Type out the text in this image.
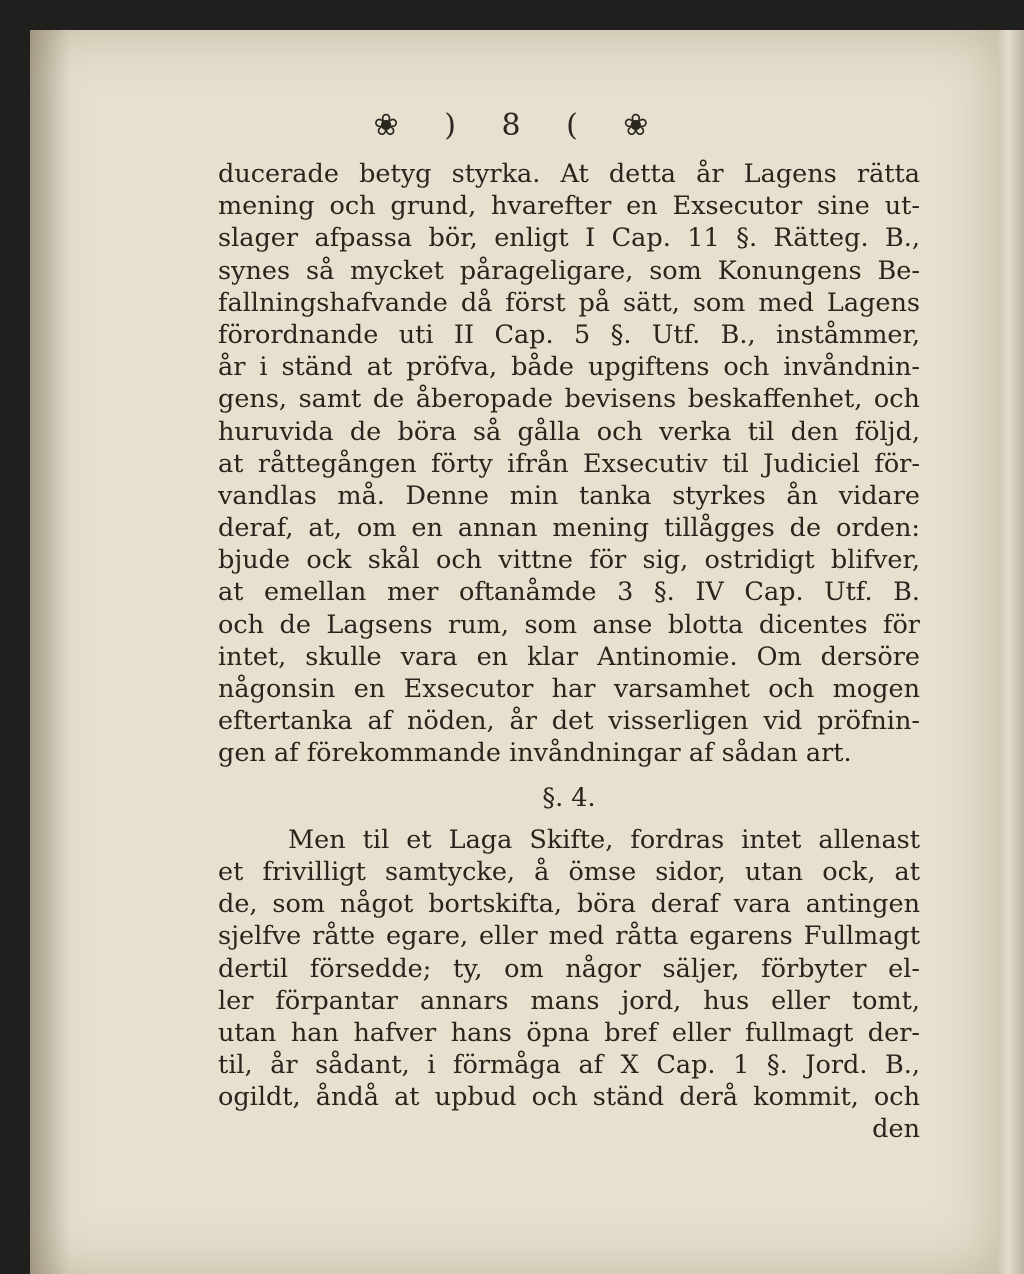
❀ ) 8 ( ❀
ducerade betyg styrka. At detta år Lagens rätta
mening och grund, hvarefter en Exsecutor sine ut-
slager afpassa bör, enligt I Cap. 11 §. Rätteg. B.,
synes så mycket pårageligare, som Konungens Be-
fallningshafvande då först på sätt, som med Lagens
förordnande uti II Cap. 5 §. Utf. B., inståmmer,
år i ständ at pröfva, både upgiftens och invåndnin-
gens, samt de åberopade bevisens beskaffenhet, och
huruvida de böra så gålla och verka til den följd,
at råttegången förty ifrån Exsecutiv til Judiciel för-
vandlas må. Denne min tanka styrkes ån vidare
deraf, at, om en annan mening tillågges de orden:
bjude ock skål och vittne för sig, ostridigt blifver,
at emellan mer oftanåmde 3 §. IV Cap. Utf. B.
och de Lagsens rum, som anse blotta dicentes för
intet, skulle vara en klar Antinomie. Om dersöre
någonsin en Exsecutor har varsamhet och mogen
eftertanka af nöden, år det visserligen vid pröfnin-
gen af förekommande invåndningar af sådan art.
§. 4.
Men til et Laga Skifte, fordras intet allenast
et frivilligt samtycke, å ömse sidor, utan ock, at
de, som något bortskifta, böra deraf vara antingen
sjelfve råtte egare, eller med råtta egarens Fullmagt
dertil försedde; ty, om någor säljer, förbyter el-
ler förpantar annars mans jord, hus eller tomt,
utan han hafver hans öpna bref eller fullmagt der-
til, år sådant, i förmåga af X Cap. 1 §. Jord. B.,
ogildt, åndå at upbud och ständ derå kommit, och
den
